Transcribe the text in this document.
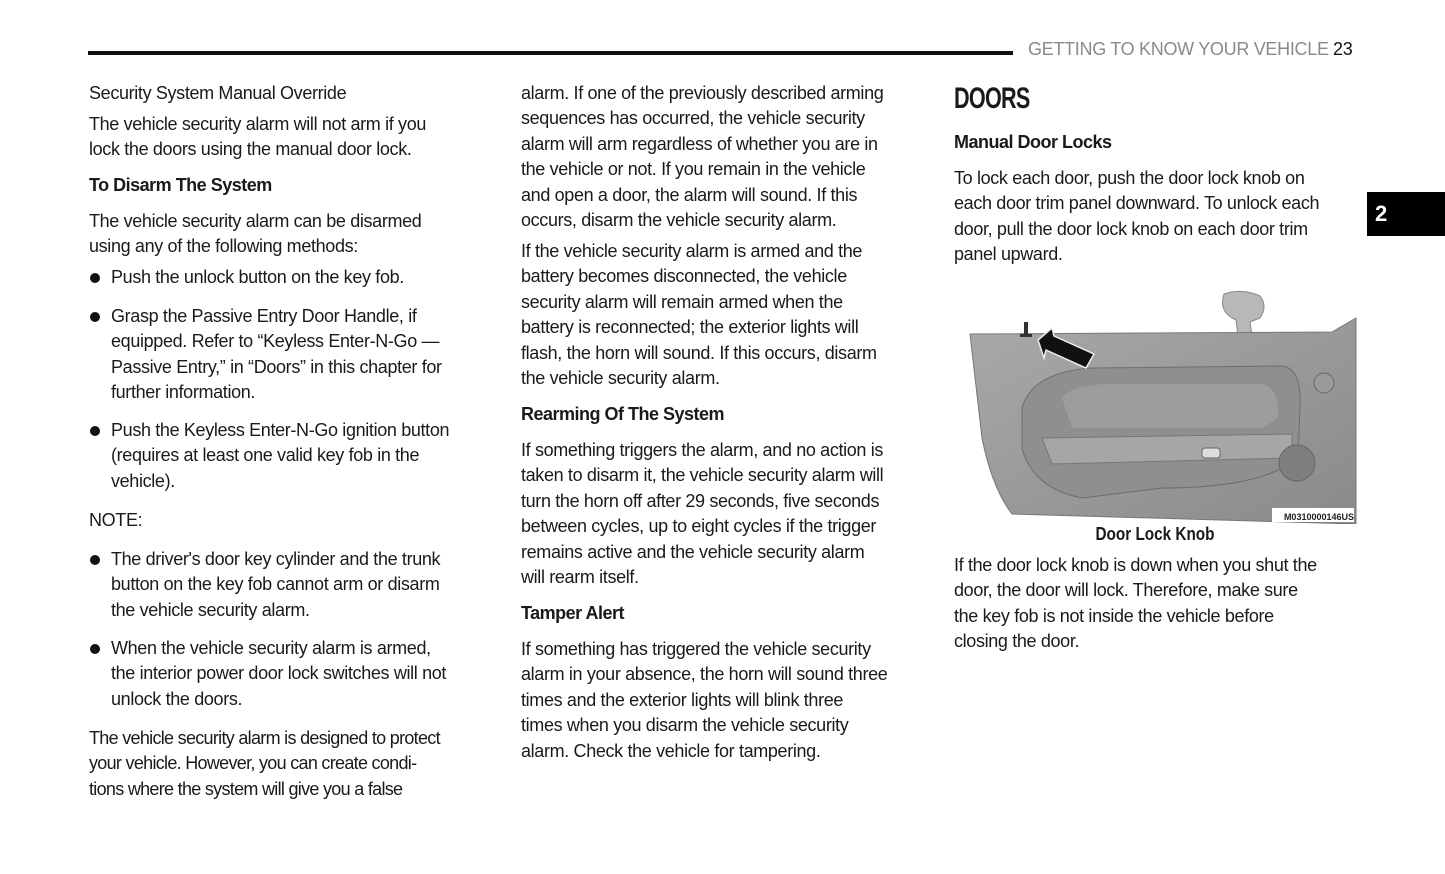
GETTING TO KNOW YOUR VEHICLE 23
2
Security System Manual Override
The vehicle security alarm will not arm if you
lock the doors using the manual door lock.
To Disarm The System
The vehicle security alarm can be disarmed
using any of the following methods:
Push the unlock button on the key fob.
Grasp the Passive Entry Door Handle, if
equipped. Refer to “Keyless Enter-N-Go —
Passive Entry,” in “Doors” in this chapter for
further information.
Push the Keyless Enter-N-Go ignition button
(requires at least one valid key fob in the
vehicle).
NOTE:
The driver's door key cylinder and the trunk
button on the key fob cannot arm or disarm
the vehicle security alarm.
When the vehicle security alarm is armed,
the interior power door lock switches will not
unlock the doors.
The vehicle security alarm is designed to protect
your vehicle. However, you can create condi-
tions where the system will give you a false
alarm. If one of the previously described arming
sequences has occurred, the vehicle security
alarm will arm regardless of whether you are in
the vehicle or not. If you remain in the vehicle
and open a door, the alarm will sound. If this
occurs, disarm the vehicle security alarm.
If the vehicle security alarm is armed and the
battery becomes disconnected, the vehicle
security alarm will remain armed when the
battery is reconnected; the exterior lights will
flash, the horn will sound. If this occurs, disarm
the vehicle security alarm.
Rearming Of The System
If something triggers the alarm, and no action is
taken to disarm it, the vehicle security alarm will
turn the horn off after 29 seconds, five seconds
between cycles, up to eight cycles if the trigger
remains active and the vehicle security alarm
will rearm itself.
Tamper Alert
If something has triggered the vehicle security
alarm in your absence, the horn will sound three
times and the exterior lights will blink three
times when you disarm the vehicle security
alarm. Check the vehicle for tampering.
DOORS
Manual Door Locks
To lock each door, push the door lock knob on
each door trim panel downward. To unlock each
door, pull the door lock knob on each door trim
panel upward.
M0310000146US
Door Lock Knob
If the door lock knob is down when you shut the
door, the door will lock. Therefore, make sure
the key fob is not inside the vehicle before
closing the door.
